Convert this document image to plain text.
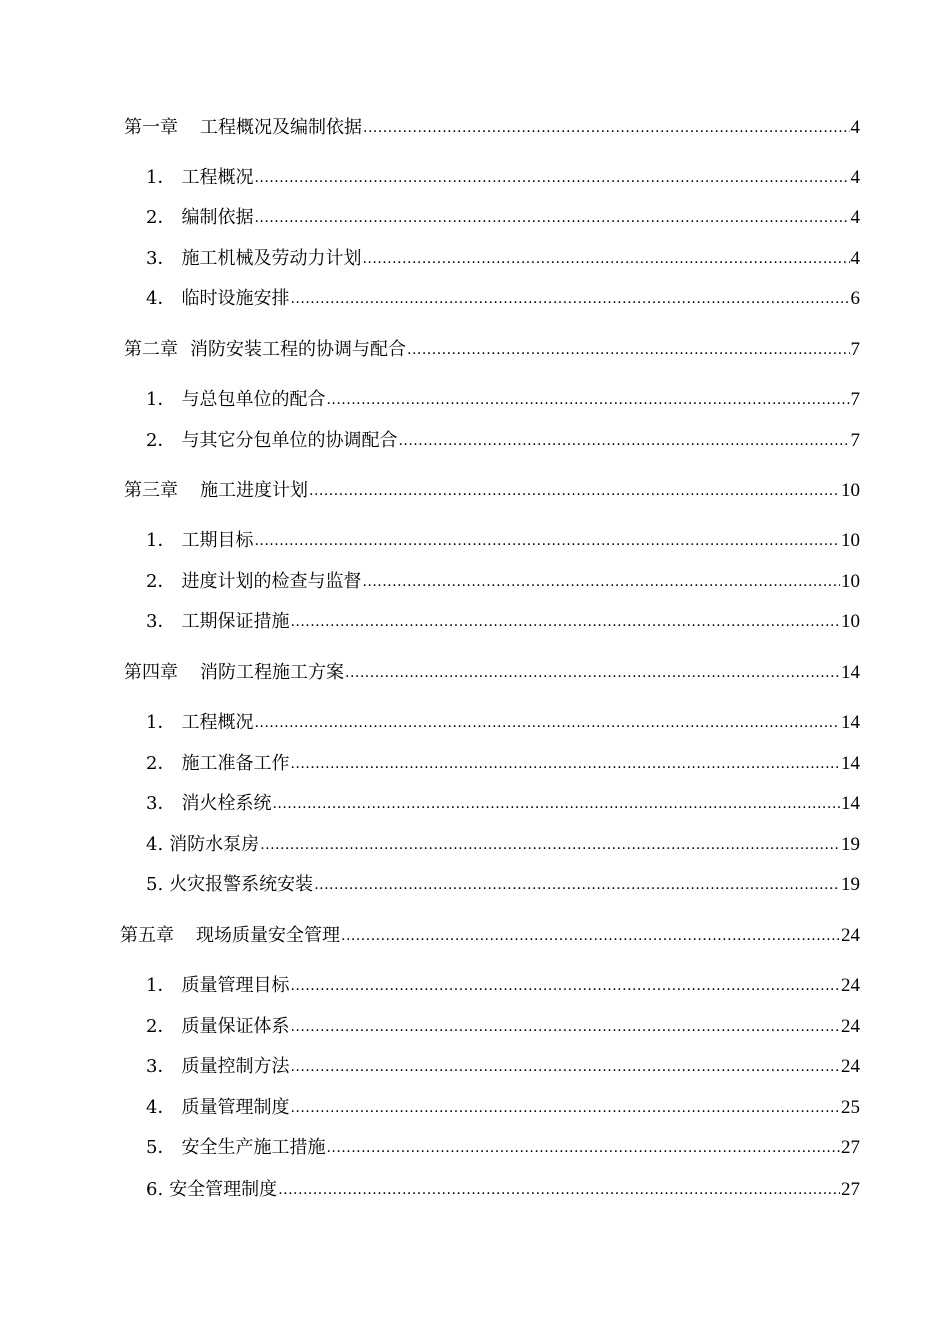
第一章 工程概况及编制依据 .....	4
1． 工程概况 .....	4
2． 编制依据 .....	4
3． 施工机械及劳动力计划 .....	4
4． 临时设施安排 .....	6
第二章 消防安装工程的协调与配合 .....	7
1． 与总包单位的配合 .....	7
2． 与其它分包单位的协调配合 .....	7
第三章 施工进度计划 .....	10
1． 工期目标 .....	10
2． 进度计划的检查与监督 .....	10
3． 工期保证措施 .....	10
第四章 消防工程施工方案 .....	14
1． 工程概况 .....	14
2． 施工准备工作 .....	14
3． 消火栓系统 .....	14
4. 消防水泵房 .....	19
5. 火灾报警系统安装 .....	19
第五章 现场质量安全管理 .....	24
1． 质量管理目标 .....	24
2． 质量保证体系 .....	24
3． 质量控制方法 .....	24
4． 质量管理制度 .....	25
5． 安全生产施工措施 .....	27
6. 安全管理制度 .....	27
